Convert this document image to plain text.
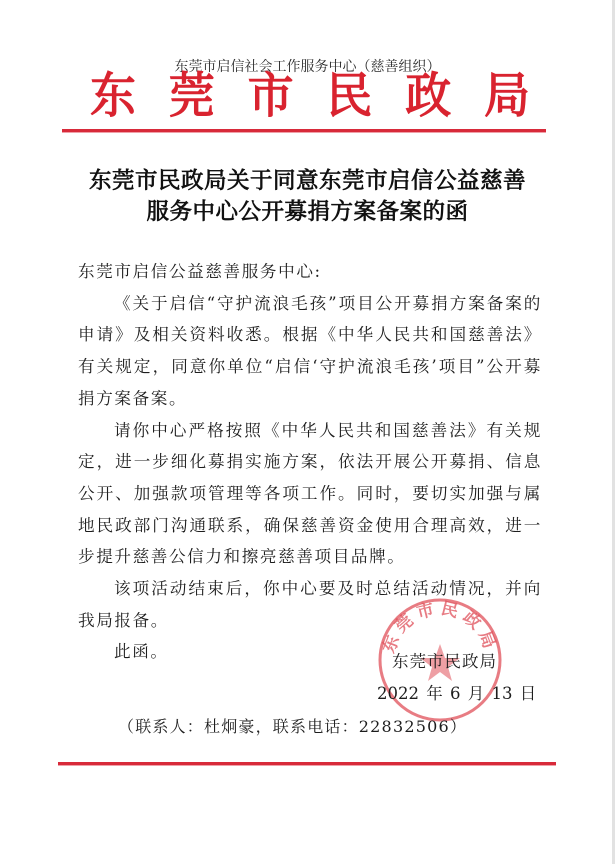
东莞市启信社会工作服务中心（慈善组织）
东 莞 市 民 政 局
东莞市民政局关于同意东莞市启信公益慈善
服务中心公开募捐方案备案的函

东莞市启信公益慈善服务中心:

《关于启信“守护流浪毛孩”项目公开募捐方案备案的申请》及相关资料收悉。根据《中华人民共和国慈善法》有关规定，同意你单位“启信‘守护流浪毛孩’项目”公开募捐方案备案。

请你中心严格按照《中华人民共和国慈善法》有关规定，进一步细化募捐实施方案，依法开展公开募捐、信息公开、加强款项管理等各项工作。同时，要切实加强与属地民政部门沟通联系，确保慈善资金使用合理高效，进一步提升慈善公信力和擦亮慈善项目品牌。

该项活动结束后，你中心要及时总结活动情况，并向我局报备。

此函。	东莞市民政局
东莞市民政局
2022 年 6 月 13 日
（联系人：杜炯豪，联系电话：22832506）
